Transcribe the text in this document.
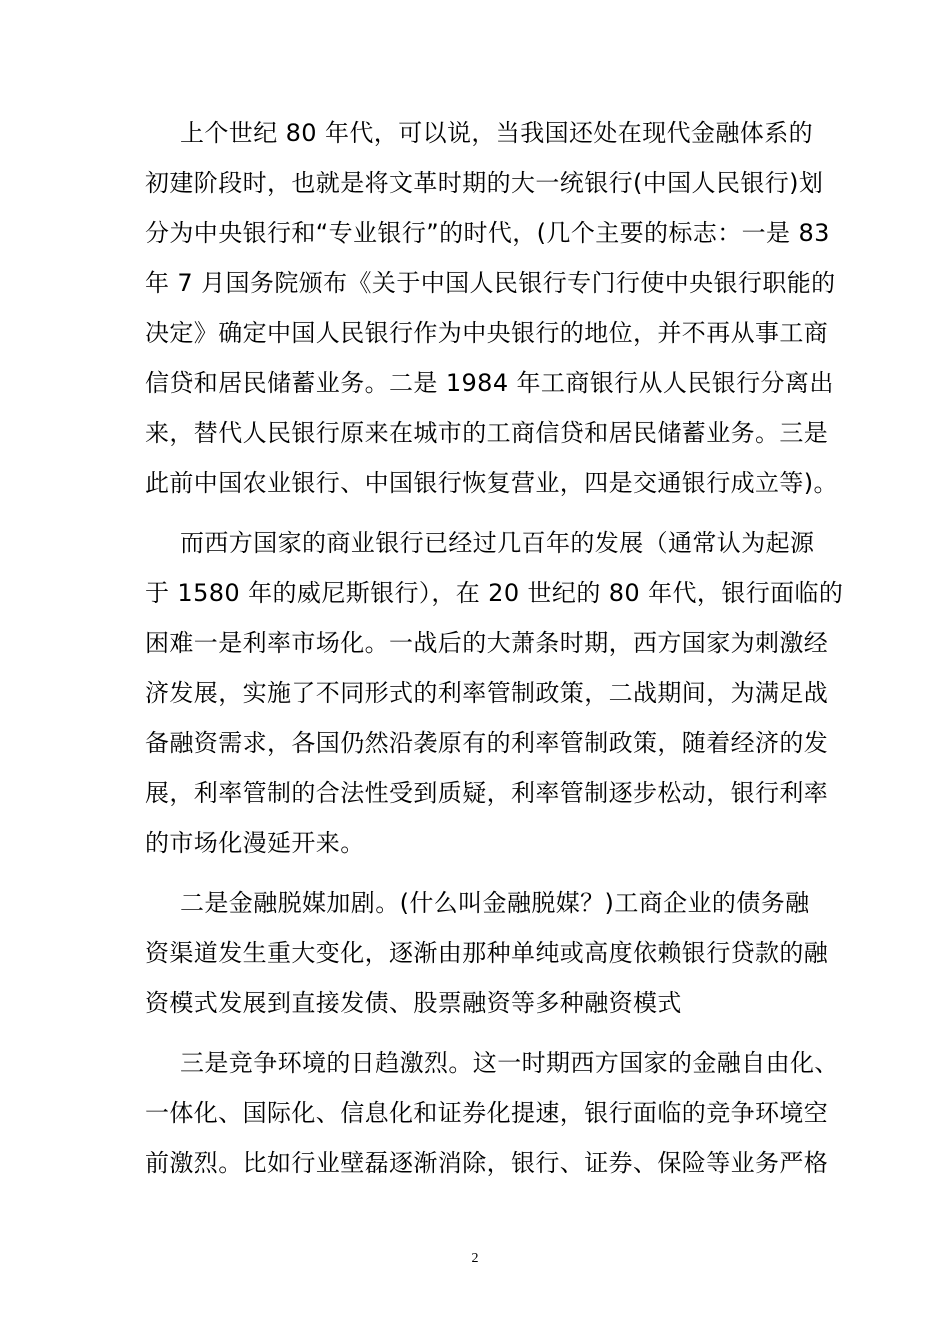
上个世纪 80 年代，可以说，当我国还处在现代金融体系的
初建阶段时，也就是将文革时期的大一统银行(中国人民银行)划
分为中央银行和“专业银行”的时代，(几个主要的标志：一是 83
年 7 月国务院颁布《关于中国人民银行专门行使中央银行职能的
决定》确定中国人民银行作为中央银行的地位，并不再从事工商
信贷和居民储蓄业务。二是 1984 年工商银行从人民银行分离出
来，替代人民银行原来在城市的工商信贷和居民储蓄业务。三是
此前中国农业银行、中国银行恢复营业，四是交通银行成立等)。
而西方国家的商业银行已经过几百年的发展（通常认为起源
于 1580 年的威尼斯银行），在 20 世纪的 80 年代，银行面临的
困难一是利率市场化。一战后的大萧条时期，西方国家为刺激经
济发展，实施了不同形式的利率管制政策，二战期间，为满足战
备融资需求，各国仍然沿袭原有的利率管制政策，随着经济的发
展，利率管制的合法性受到质疑，利率管制逐步松动，银行利率
的市场化漫延开来。
二是金融脱媒加剧。(什么叫金融脱媒？)工商企业的债务融
资渠道发生重大变化，逐渐由那种单纯或高度依赖银行贷款的融
资模式发展到直接发债、股票融资等多种融资模式
三是竞争环境的日趋激烈。这一时期西方国家的金融自由化、
一体化、国际化、信息化和证券化提速，银行面临的竞争环境空
前激烈。比如行业壁磊逐渐消除，银行、证券、保险等业务严格
2
